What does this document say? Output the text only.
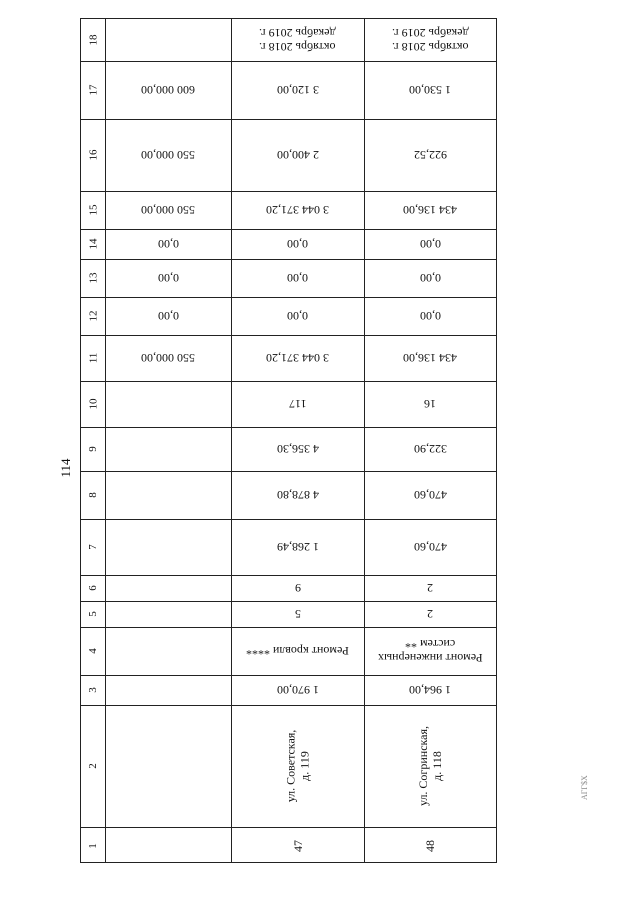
114
АГГ$Х
18
17
16
15
14
13
12
11
10
9
8
7
6
5
4
3
2
1
600 000,00
550 000,00
550 000,00
0,00
0,00
0,00
550 000,00
декабрь 2019 г.
октябрь 2018 г.
3 120,00
2 400,00
3 044 371,20
0,00
0,00
0,00
3 044 371,20
117
4 356,30
4 878,80
1 268,49
9
5
Ремонт кровли ****
1 970,00
ул. Советская, д. 119
47
декабрь 2019 г.
октябрь 2018 г.
1 530,00
922,52
434 136,00
0,00
0,00
0,00
434 136,00
16
322,90
470,60
470,60
2
2
систем **
Ремонт инженерных
1 964,00
ул. Согринская, д. 118
48
